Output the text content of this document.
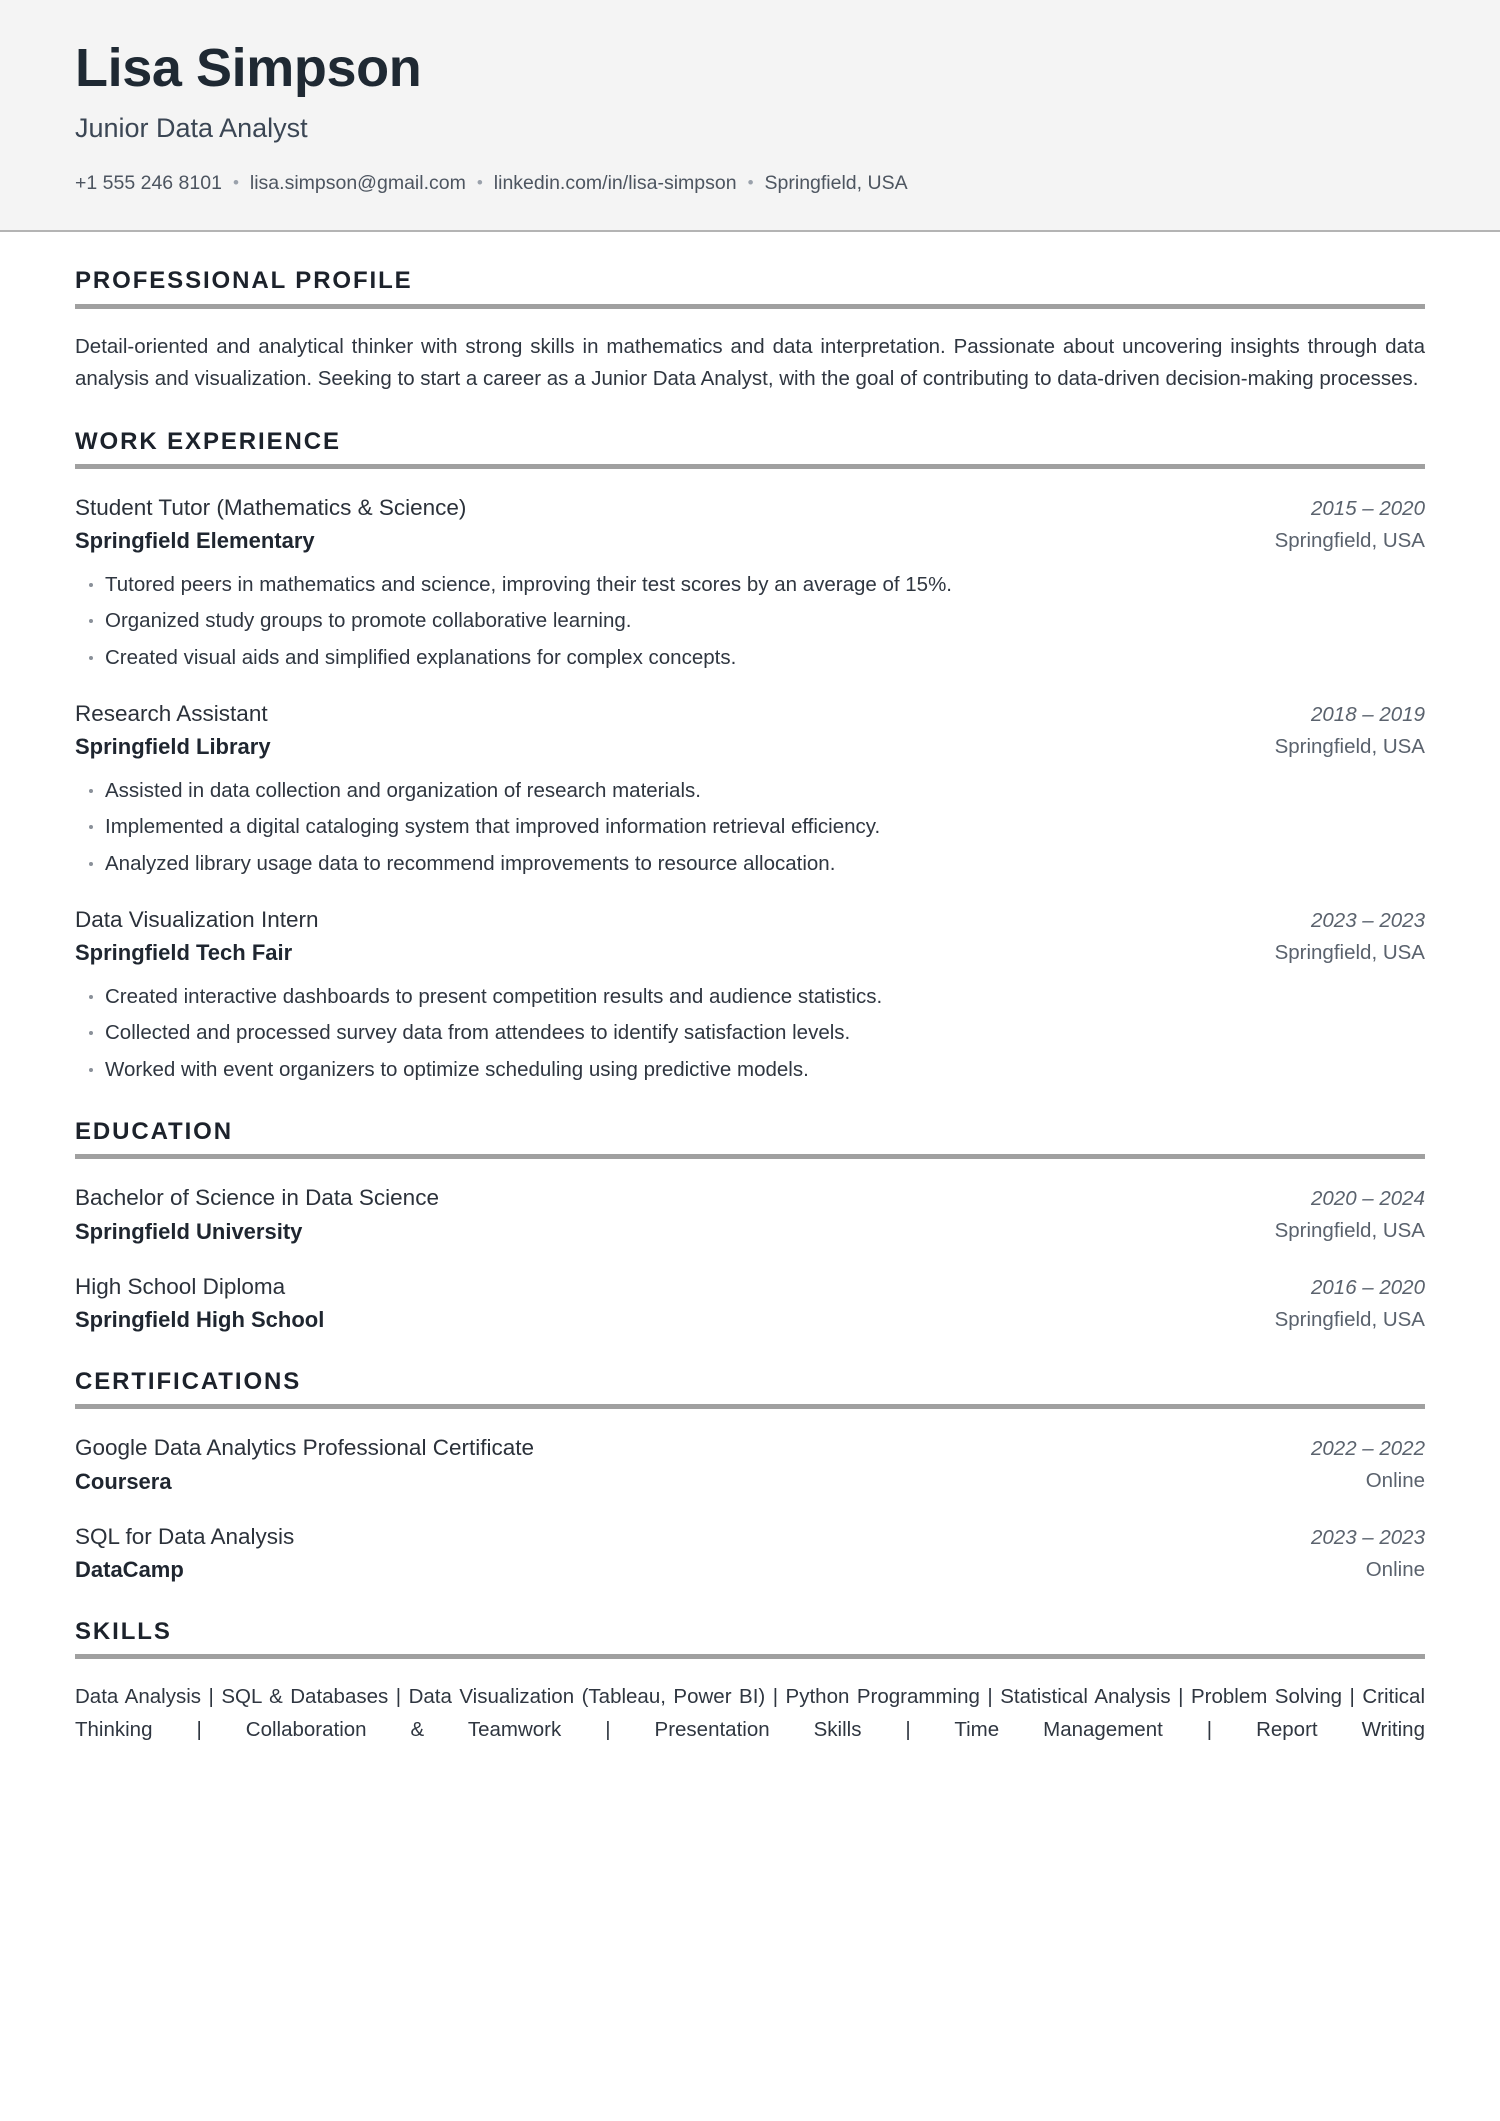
Lisa Simpson
Junior Data Analyst
+1 555 246 8101 • lisa.simpson@gmail.com • linkedin.com/in/lisa-simpson • Springfield, USA
PROFESSIONAL PROFILE

Detail-oriented and analytical thinker with strong skills in mathematics and data interpretation. Passionate about uncovering insights through data analysis and visualization. Seeking to start a career as a Junior Data Analyst, with the goal of contributing to data-driven decision-making processes.

WORK EXPERIENCE
Student Tutor (Mathematics & Science)
Springfield Elementary
2015 – 2020
Springfield, USA
Tutored peers in mathematics and science, improving their test scores by an average of 15%.
Organized study groups to promote collaborative learning.
Created visual aids and simplified explanations for complex concepts.
Research Assistant
Springfield Library
2018 – 2019
Springfield, USA
Assisted in data collection and organization of research materials.
Implemented a digital cataloging system that improved information retrieval efficiency.
Analyzed library usage data to recommend improvements to resource allocation.
Data Visualization Intern
Springfield Tech Fair
2023 – 2023
Springfield, USA
Created interactive dashboards to present competition results and audience statistics.
Collected and processed survey data from attendees to identify satisfaction levels.
Worked with event organizers to optimize scheduling using predictive models.
EDUCATION
Bachelor of Science in Data Science
Springfield University
2020 – 2024
Springfield, USA
High School Diploma
Springfield High School
2016 – 2020
Springfield, USA
CERTIFICATIONS
Google Data Analytics Professional Certificate
Coursera
2022 – 2022
Online
SQL for Data Analysis
DataCamp
2023 – 2023
Online
SKILLS

Data Analysis | SQL & Databases | Data Visualization (Tableau, Power BI) | Python Programming | Statistical Analysis | Problem Solving | Critical Thinking | Collaboration & Teamwork | Presentation Skills | Time Management | Report Writing
